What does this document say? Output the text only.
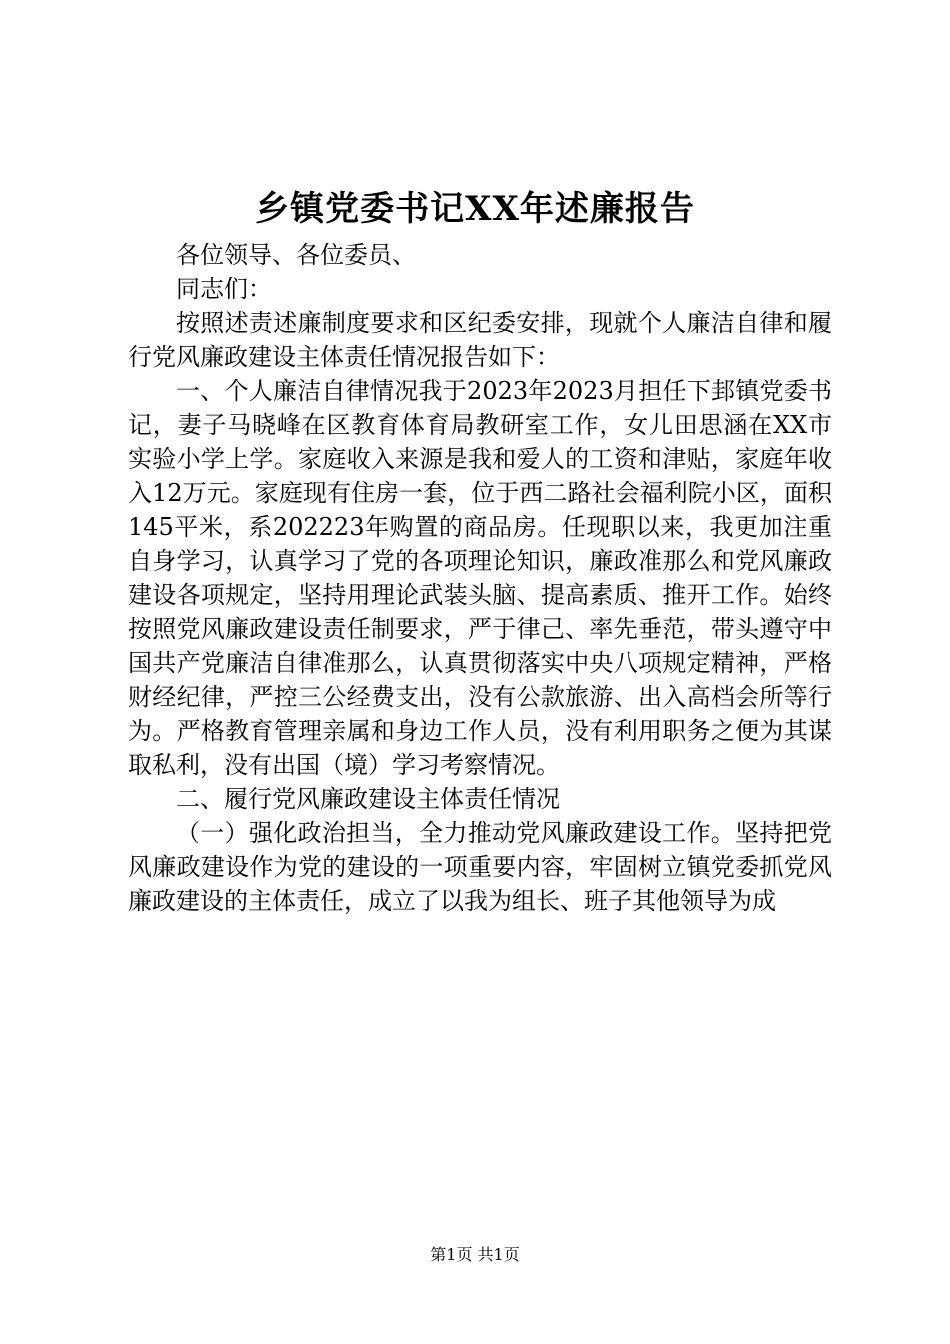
乡镇党委书记XX年述廉报告

各位领导、各位委员、

同志们：

按照述责述廉制度要求和区纪委安排，现就个人廉洁自律和履行党风廉政建设主体责任情况报告如下：

一、个人廉洁自律情况我于2023年2023月担任下邽镇党委书记，妻子马晓峰在区教育体育局教研室工作，女儿田思涵在XX市实验小学上学。家庭收入来源是我和爱人的工资和津贴，家庭年收入12万元。家庭现有住房一套，位于西二路社会福利院小区，面积145平米，系202223年购置的商品房。任现职以来，我更加注重自身学习，认真学习了党的各项理论知识，廉政准那么和党风廉政建设各项规定，坚持用理论武装头脑、提高素质、推开工作。始终按照党风廉政建设责任制要求，严于律己、率先垂范，带头遵守中国共产党廉洁自律准那么，认真贯彻落实中央八项规定精神，严格财经纪律，严控三公经费支出，没有公款旅游、出入高档会所等行为。严格教育管理亲属和身边工作人员，没有利用职务之便为其谋取私利，没有出国（境）学习考察情况。

二、履行党风廉政建设主体责任情况

（一）强化政治担当，全力推动党风廉政建设工作。坚持把党风廉政建设作为党的建设的一项重要内容，牢固树立镇党委抓党风廉政建设的主体责任，成立了以我为组长、班子其他领导为成

第1页 共1页
